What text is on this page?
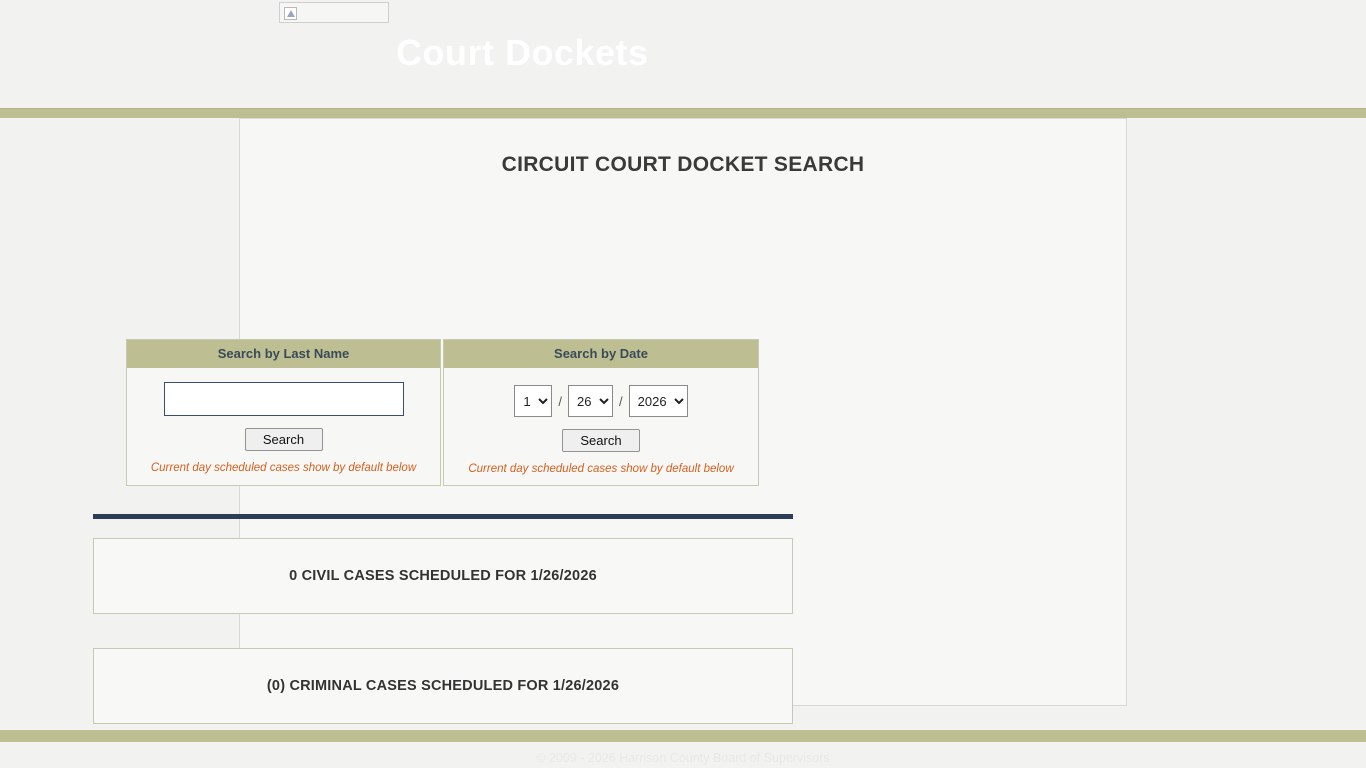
Court Dockets
CIRCUIT COURT DOCKET SEARCH
Search by Last Name
Search
Current day scheduled cases show by default below
Search by Date
1
/
26	/
2026
Search
Current day scheduled cases show by default below
0 CIVIL CASES SCHEDULED FOR 1/26/2026
(0) CRIMINAL CASES SCHEDULED FOR 1/26/2026
© 2009 - 2026 Harrison County Board of Supervisors
